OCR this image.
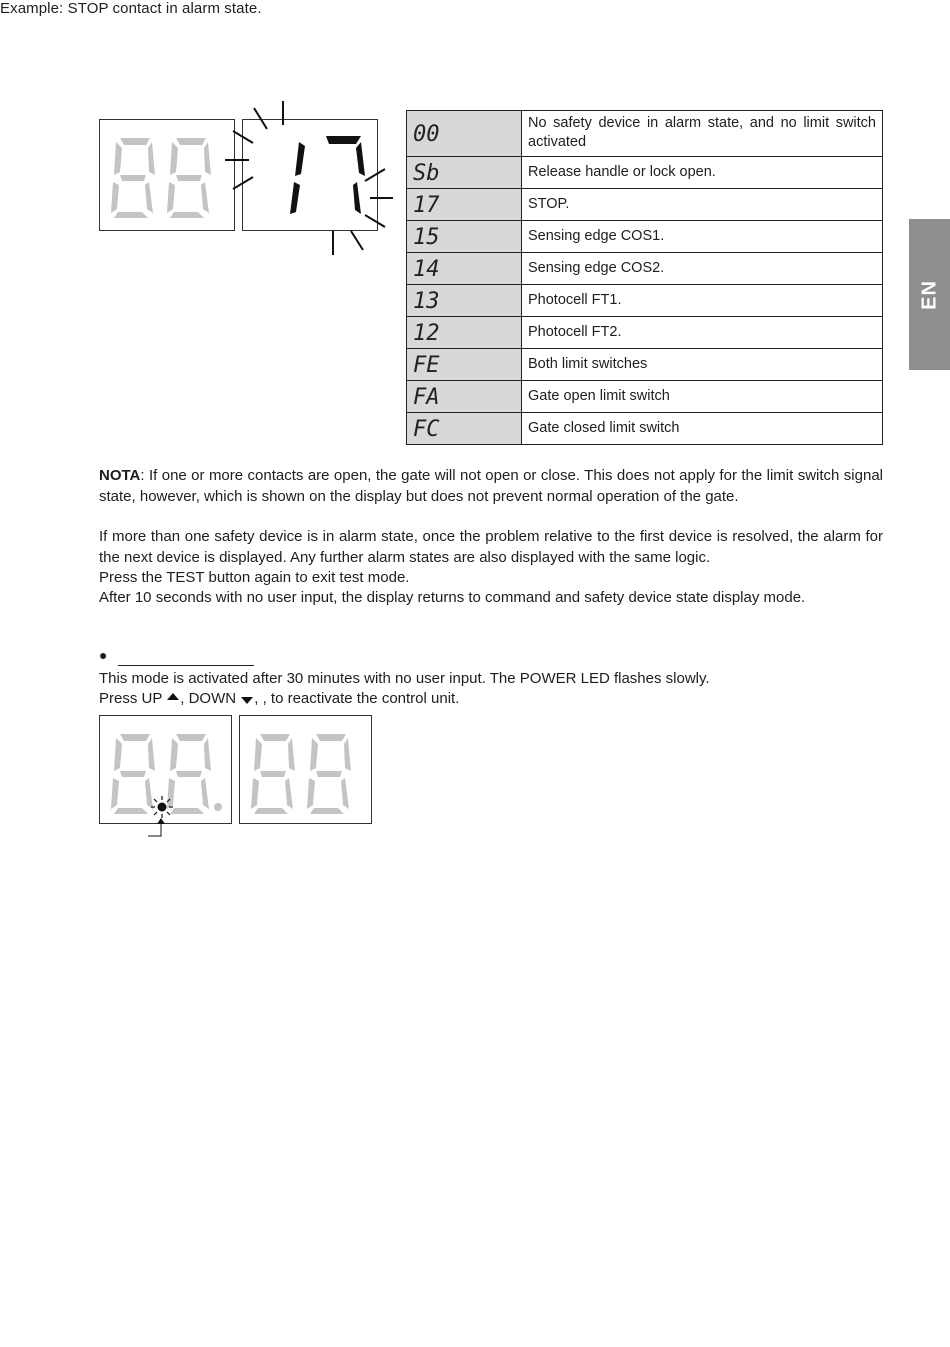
Example: STOP contact in alarm state.
00	No safety device in alarm state, and no limit switch activated

Sb	Release handle or lock open.

17	STOP.

15	Sensing edge COS1.

14	Sensing edge COS2.

13	Photocell FT1.

12	Photocell FT2.

FE	Both limit switches

FA	Gate open limit switch

FC	Gate closed limit switch
EN
NOTA: If one or more contacts are open, the gate will not open or close. This does not apply for the limit switch signal state, however, which is shown on the display but does not prevent normal operation of the gate.
If more than one safety device is in alarm state, once the problem relative to the first device is resolved, the alarm for the next device is displayed. Any further alarm states are also displayed with the same logic.
Press the TEST button again to exit test mode.
After 10 seconds with no user input, the display returns to command and safety device state display mode.
●
This mode is activated after 30 minutes with no user input. The POWER LED flashes slowly.
Press UP , DOWN , , to reactivate the control unit.
